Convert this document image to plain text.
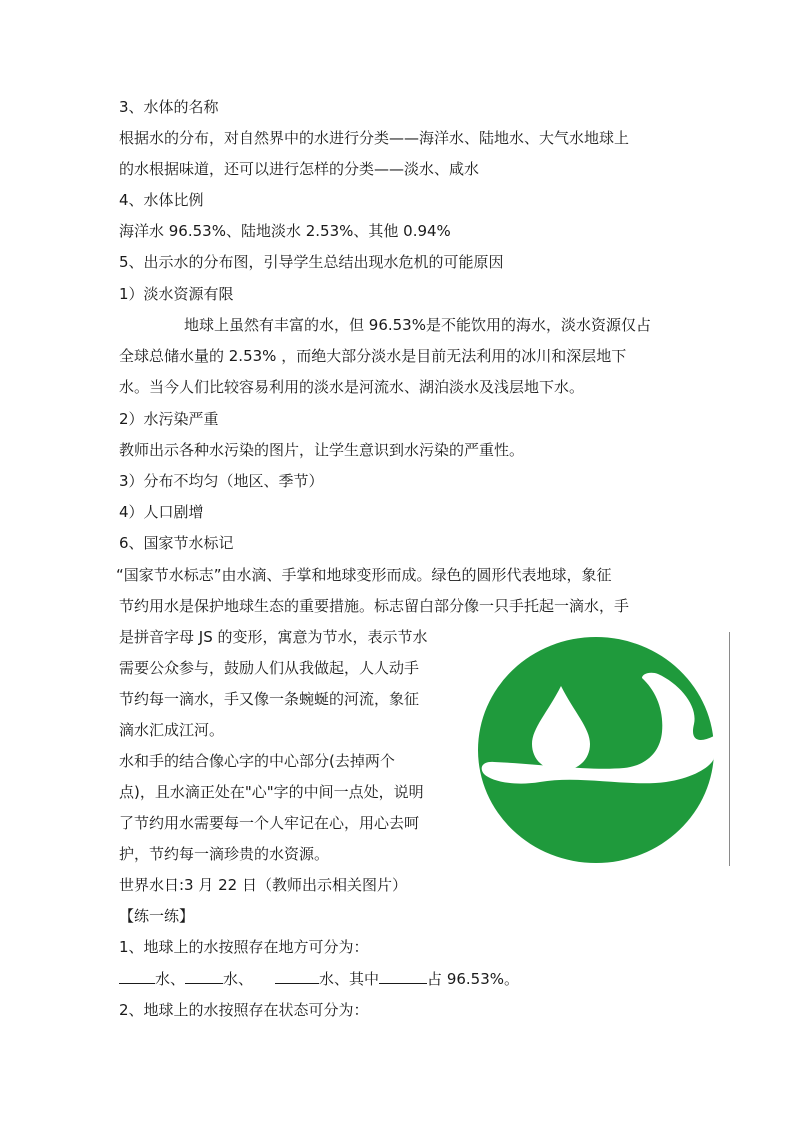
3、水体的名称
根据水的分布，对自然界中的水进行分类——海洋水、陆地水、大气水地球上
的水根据味道，还可以进行怎样的分类——淡水、咸水
4、水体比例
海洋水 96.53%、陆地淡水 2.53%、其他 0.94%
5、出示水的分布图，引导学生总结出现水危机的可能原因
1）淡水资源有限
地球上虽然有丰富的水，但 96.53%是不能饮用的海水，淡水资源仅占
全球总储水量的 2.53% ，而绝大部分淡水是目前无法利用的冰川和深层地下
水。当今人们比较容易利用的淡水是河流水、湖泊淡水及浅层地下水。
2）水污染严重
教师出示各种水污染的图片，让学生意识到水污染的严重性。
3）分布不均匀（地区、季节）
4）人口剧增
6、国家节水标记
“国家节水标志”由水滴、手掌和地球变形而成。绿色的圆形代表地球，象征
节约用水是保护地球生态的重要措施。标志留白部分像一只手托起一滴水，手
是拼音字母 JS 的变形，寓意为节水，表示节水
需要公众参与，鼓励人们从我做起，人人动手
节约每一滴水，手又像一条蜿蜒的河流，象征
滴水汇成江河。
水和手的结合像心字的中心部分(去掉两个
点)，且水滴正处在"心"字的中间一点处，说明
了节约用水需要每一个人牢记在心，用心去呵
护，节约每一滴珍贵的水资源。
世界水日:3 月 22 日（教师出示相关图片）
【练一练】
1、地球上的水按照存在地方可分为：
水、	水、	水、其中	占 96.53%。
2、地球上的水按照存在状态可分为：
